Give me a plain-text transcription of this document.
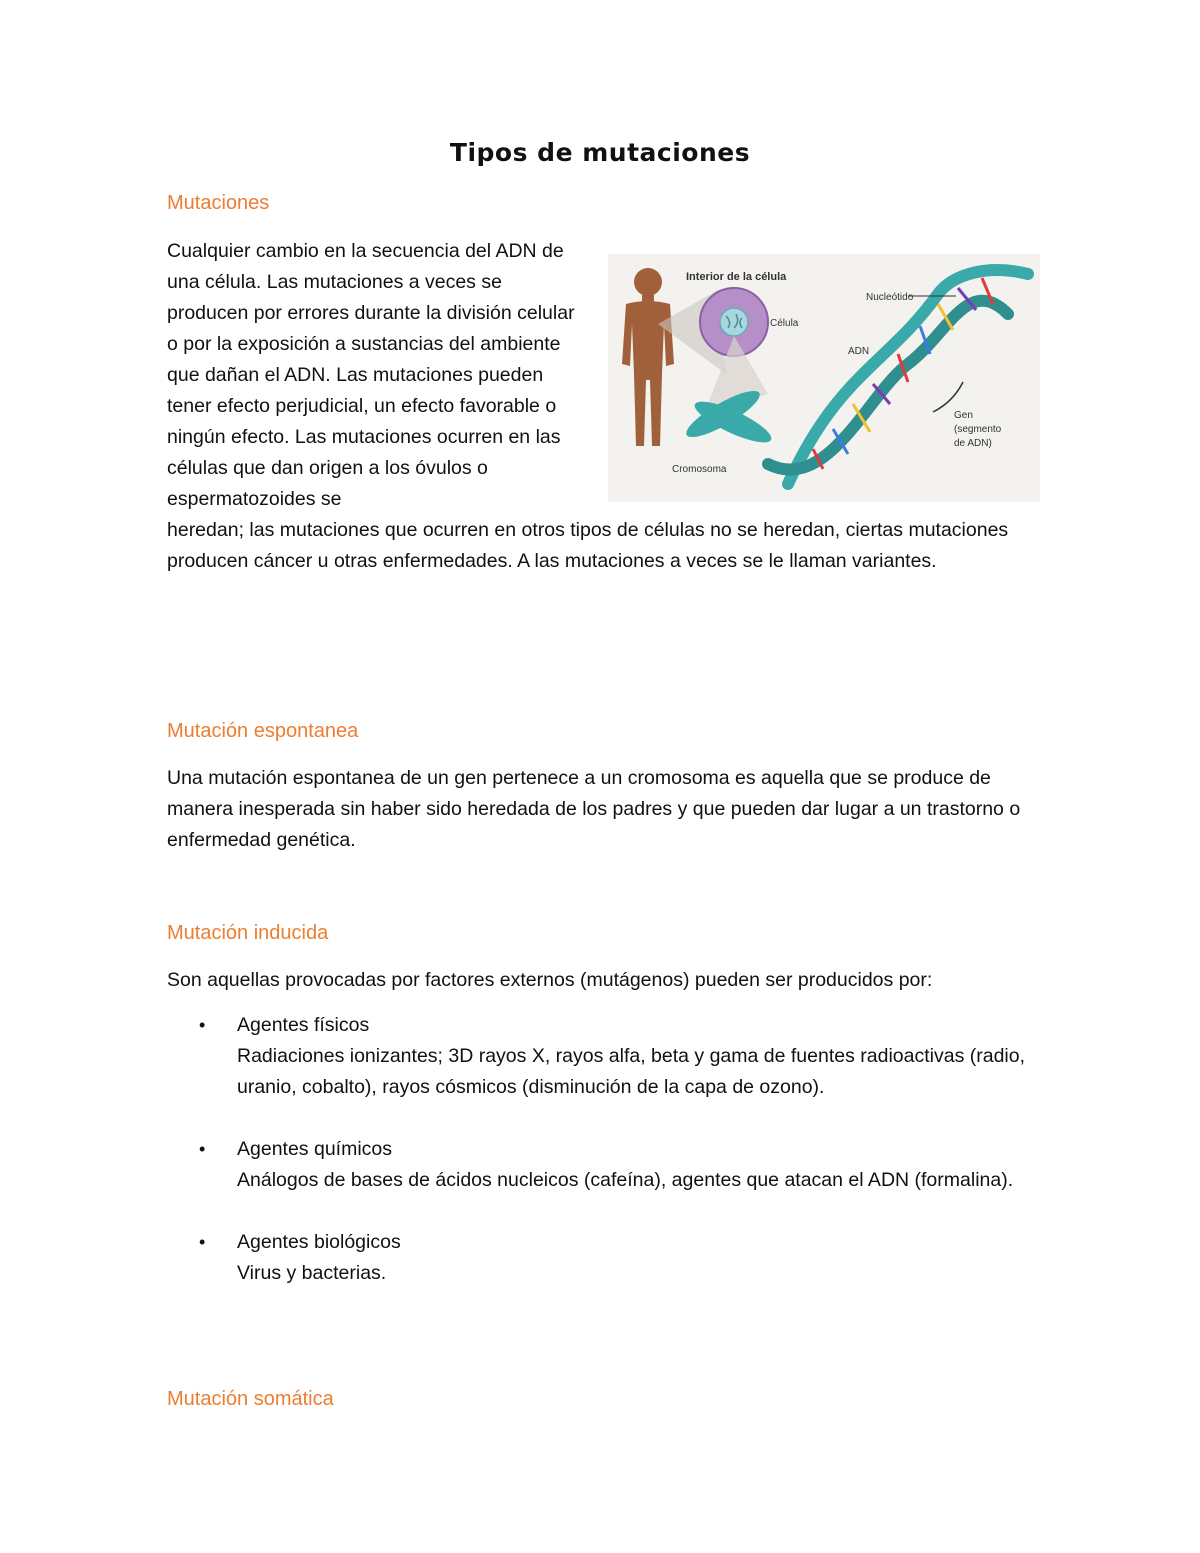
Tipos de mutaciones
Mutaciones

Cualquier cambio en la secuencia del ADN de una célula. Las mutaciones a veces se producen por errores durante la división celular o por la exposición a sustancias del ambiente que dañan el ADN. Las mutaciones pueden tener efecto perjudicial, un efecto favorable o ningún efecto. Las mutaciones ocurren en las células que dan origen a los óvulos o espermatozoides se

heredan; las mutaciones que ocurren en otros tipos de células no se heredan, ciertas mutaciones producen cáncer u otras enfermedades. A las mutaciones a veces se le llaman variantes.

Interior de la célula
Célula
Nucleótido
ADN
Gen
(segmento
de ADN)
Cromosoma
Mutación espontanea

Una mutación espontanea de un gen pertenece a un cromosoma es aquella que se produce de manera inesperada sin haber sido heredada de los padres y que pueden dar lugar a un trastorno o enfermedad genética.

Mutación inducida

Son aquellas provocadas por factores externos (mutágenos) pueden ser producidos por:

• Agentes físicos
Radiaciones ionizantes; 3D rayos X, rayos alfa, beta y gama de fuentes radioactivas (radio, uranio, cobalto), rayos cósmicos (disminución de la capa de ozono).
• Agentes químicos
Análogos de bases de ácidos nucleicos (cafeína), agentes que atacan el ADN (formalina).
• Agentes biológicos
Virus y bacterias.
Mutación somática
